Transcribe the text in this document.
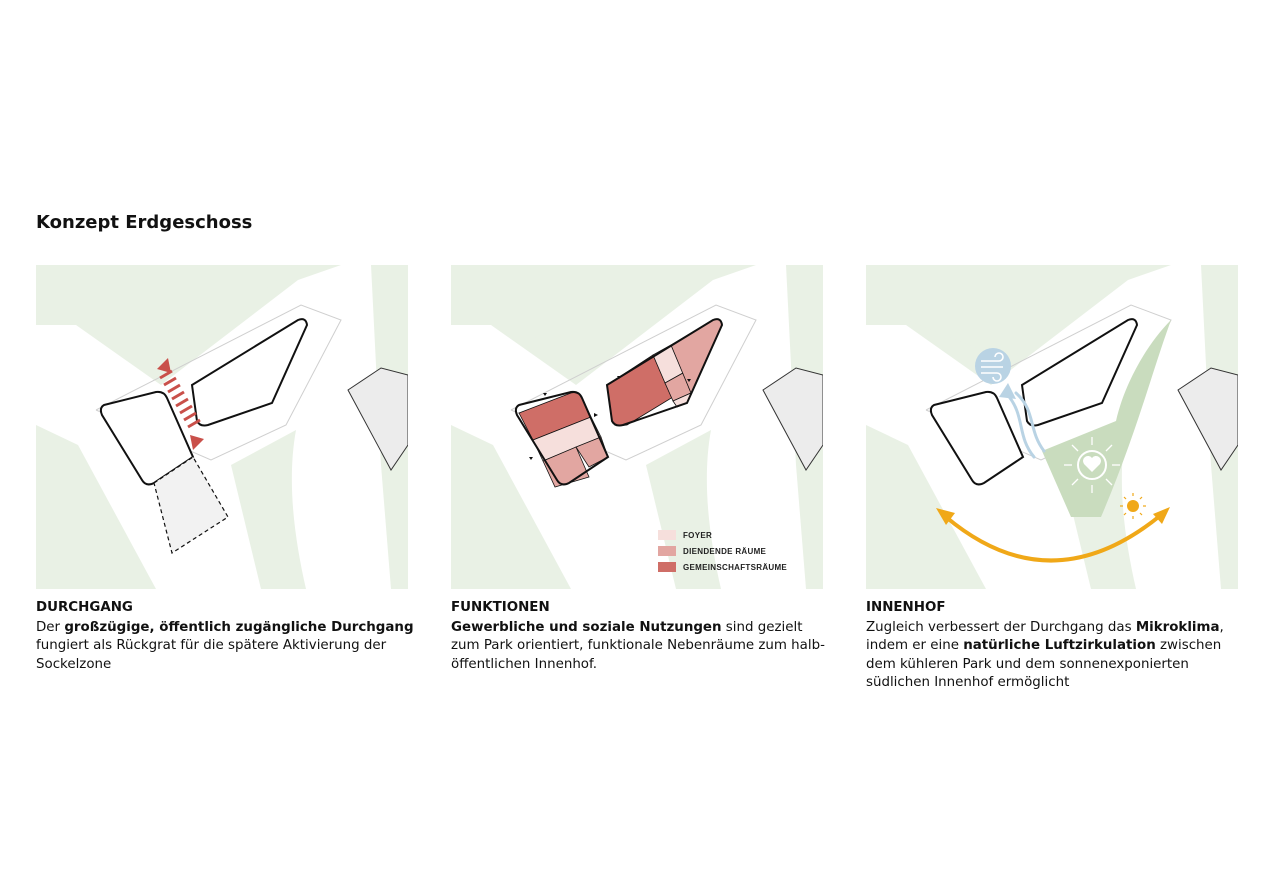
Konzept Erdgeschoss
FOYER
DIENDENDE RÄUME
GEMEINSCHAFTSRÄUME
DURCHGANG
Der großzügige, öffentlich zugängliche Durchgang fungiert als Rückgrat für die spätere Aktivierung der Sockelzone
FUNKTIONEN
Gewerbliche und soziale Nutzungen sind gezielt zum Park orientiert, funktionale Nebenräume zum halb-öffentlichen Innenhof.
INNENHOF
Zugleich verbessert der Durchgang das Mikroklima, indem er eine natürliche Luftzirkulation zwischen dem kühleren Park und dem sonnenexponierten südlichen Innenhof ermöglicht
